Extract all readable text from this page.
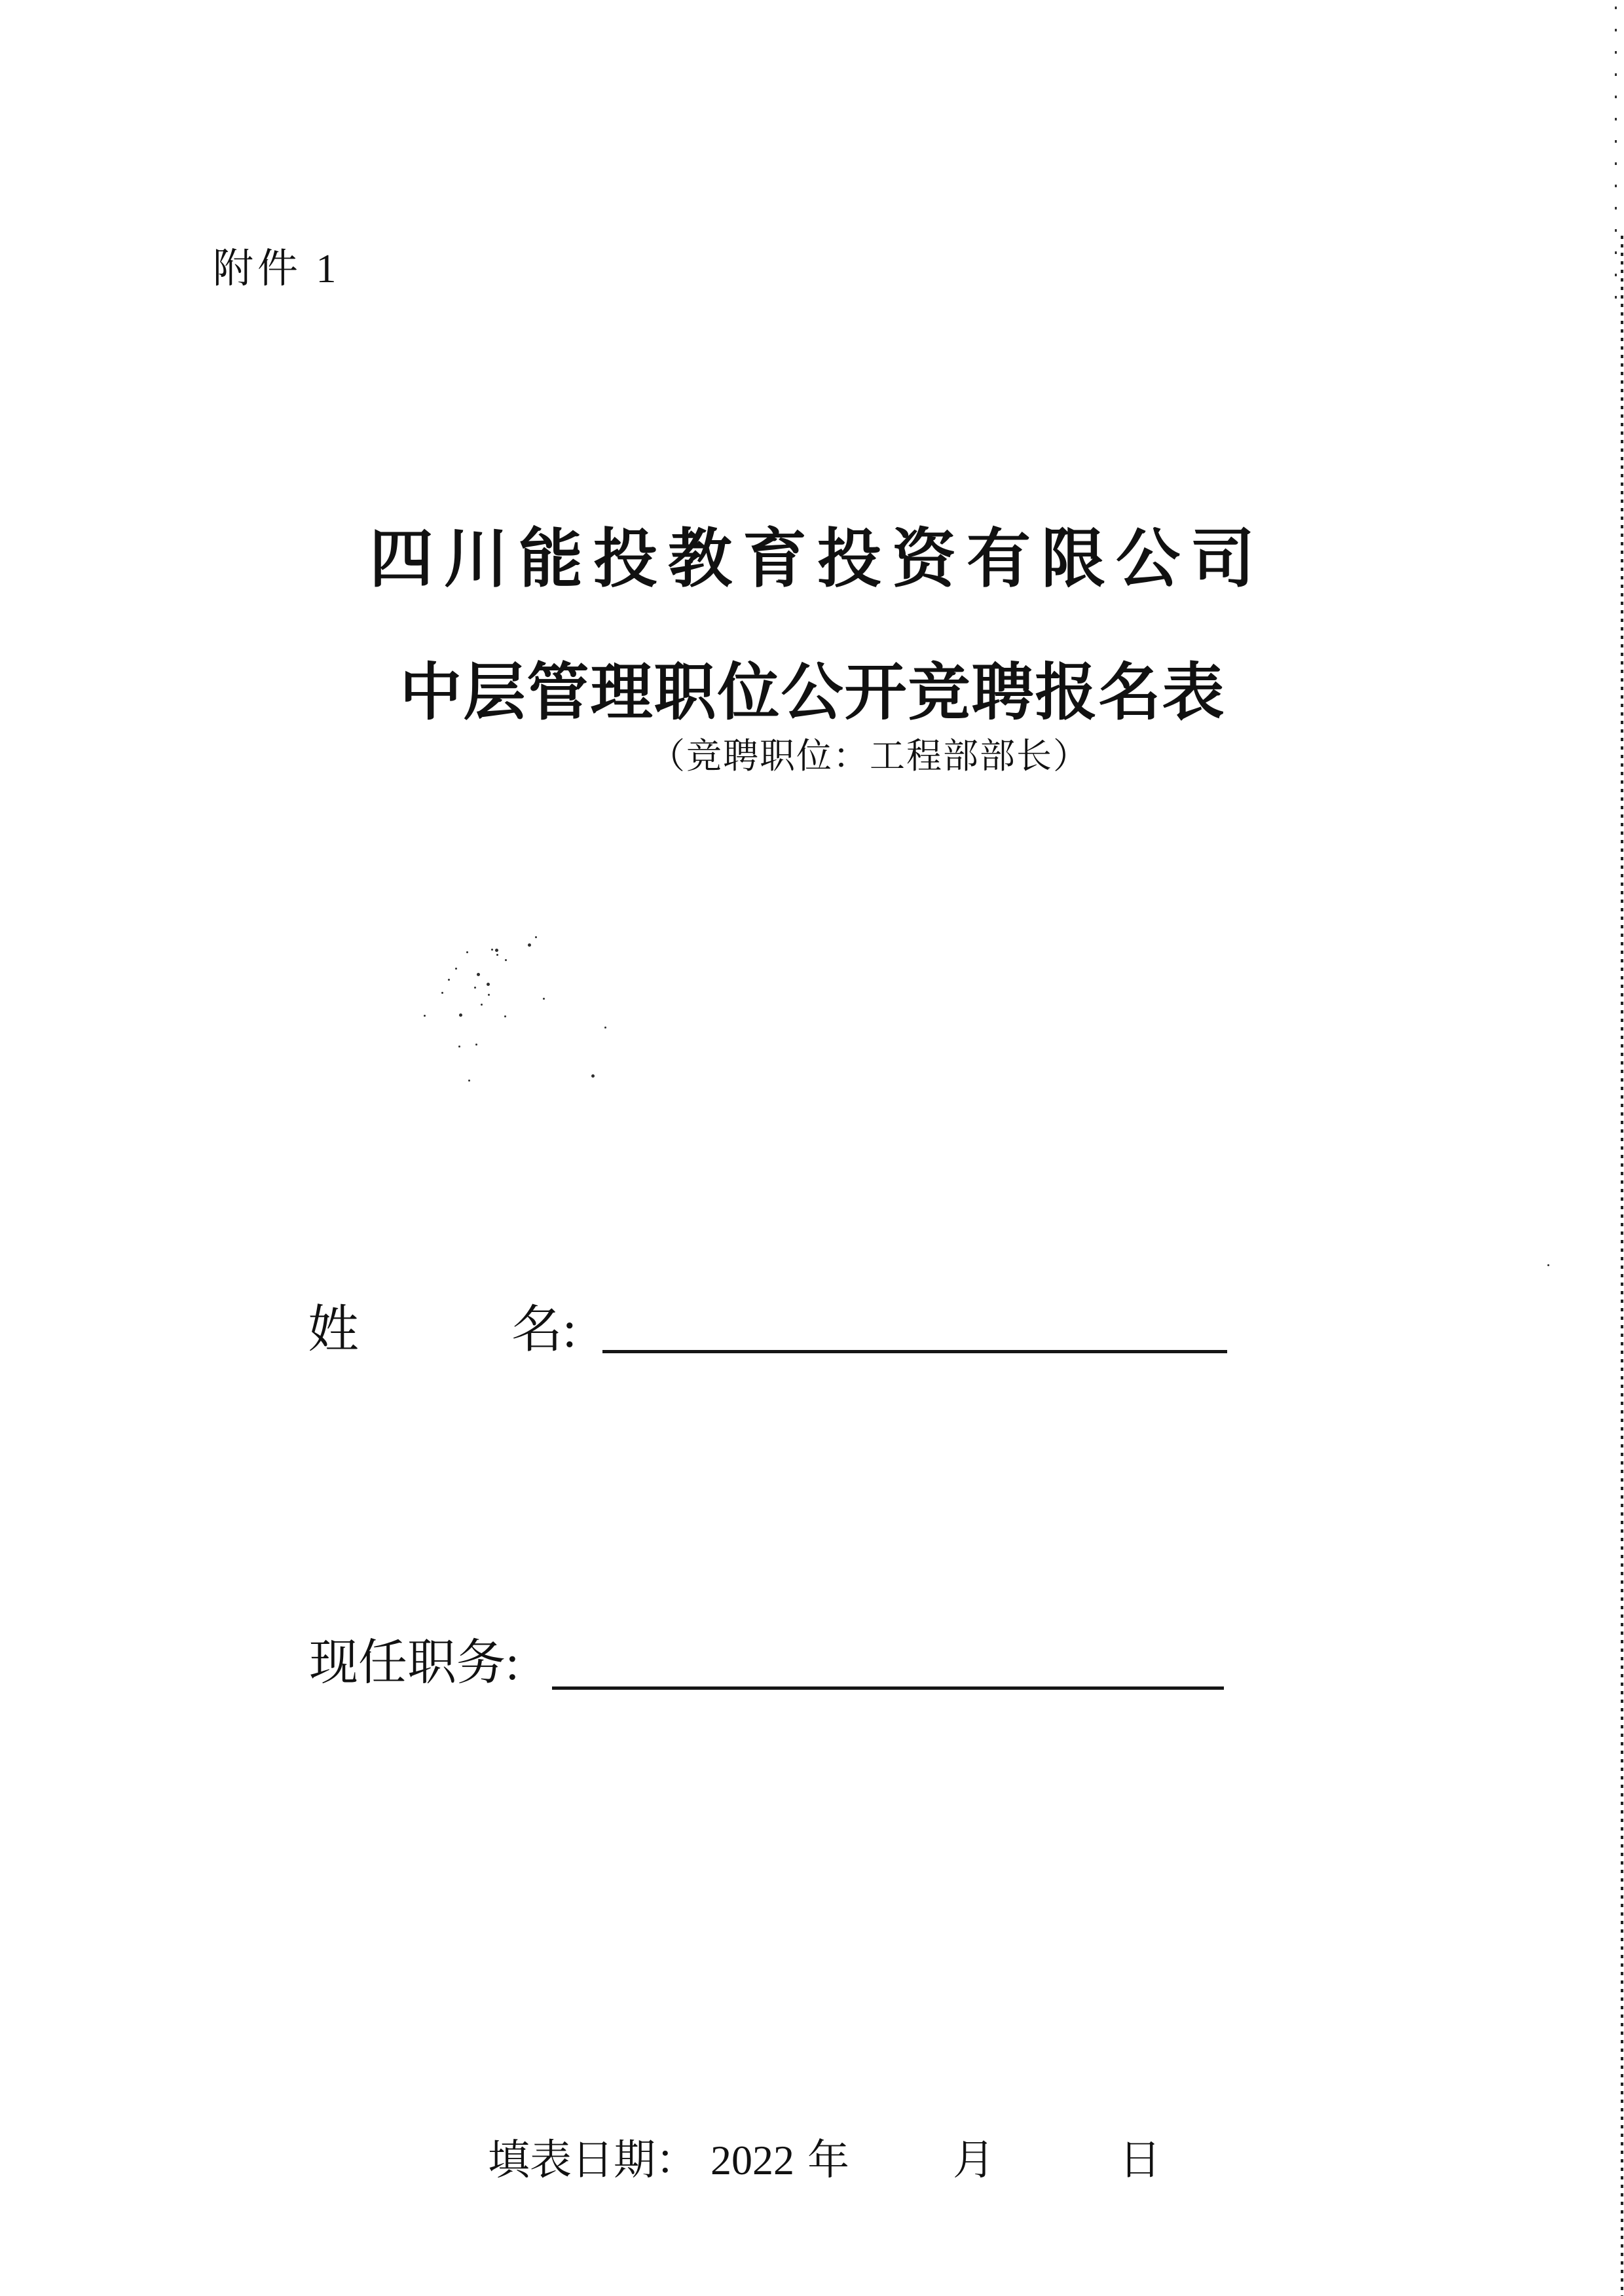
附件 1
四川能投教育投资有限公司
中层管理职位公开竞聘报名表
（竞聘职位：工程部部长）
姓	名:
现任职务:
填表日期： 2022 年 月	日
